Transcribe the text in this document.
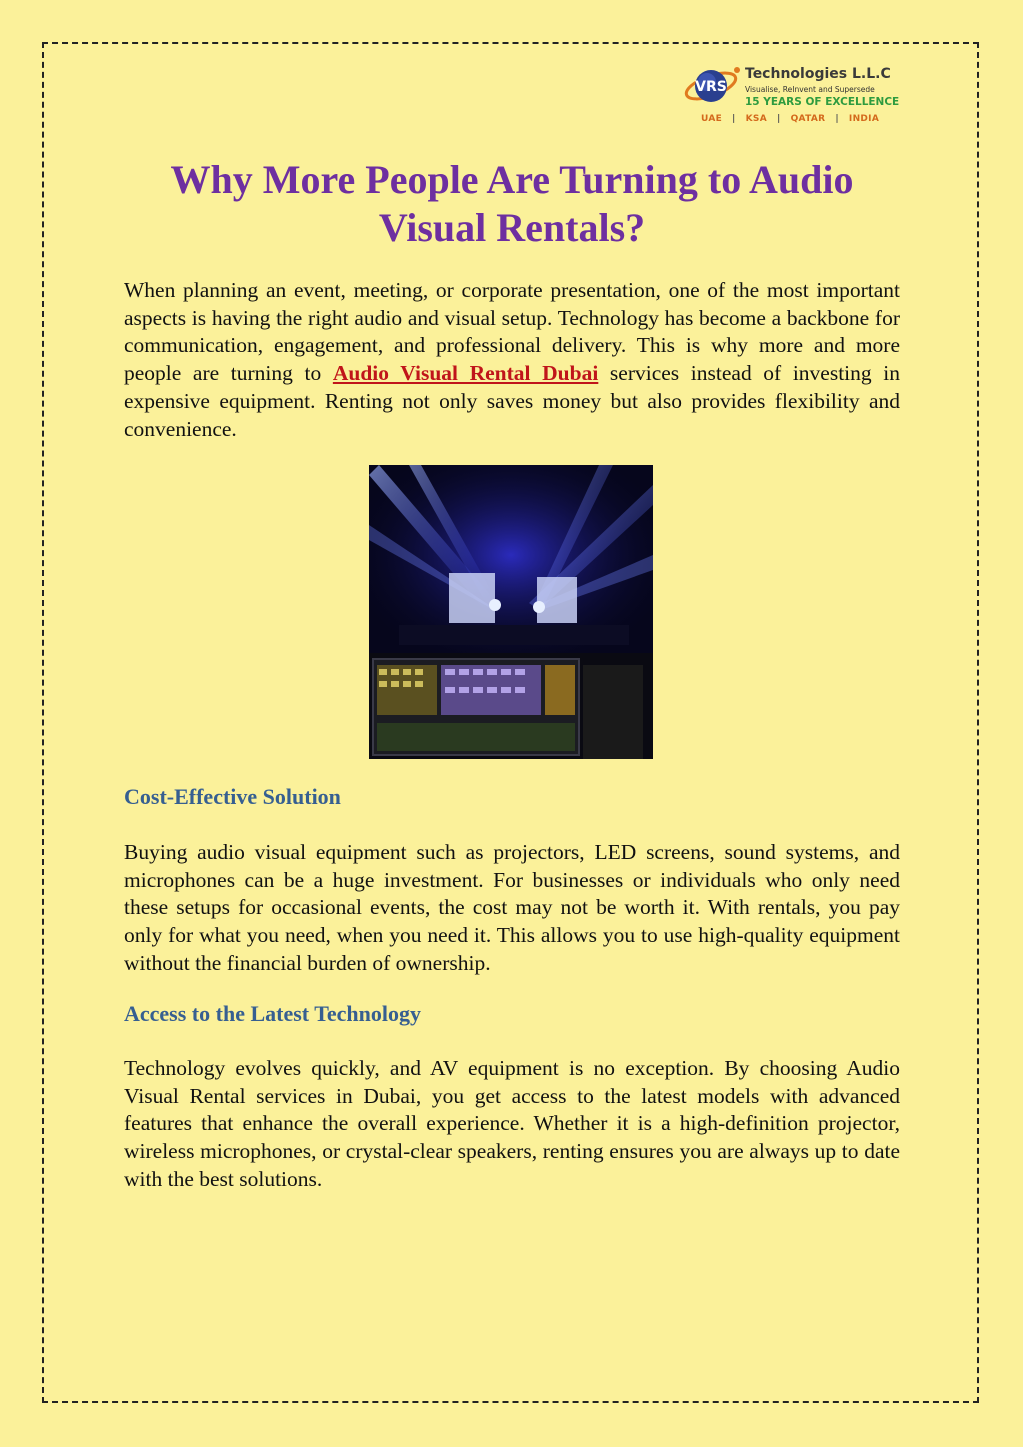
VRS
Technologies L.L.C
Visualise, ReInvent and Supersede
15 YEARS OF EXCELLENCE
UAE | KSA | QATAR | INDIA
Why More People Are Turning to Audio Visual Rentals?

When planning an event, meeting, or corporate presentation, one of the most important aspects is having the right audio and visual setup. Technology has become a backbone for communication, engagement, and professional delivery. This is why more and more people are turning to Audio Visual Rental Dubai services instead of investing in expensive equipment. Renting not only saves money but also provides flexibility and convenience.

Cost-Effective Solution

Buying audio visual equipment such as projectors, LED screens, sound systems, and microphones can be a huge investment. For businesses or individuals who only need these setups for occasional events, the cost may not be worth it. With rentals, you pay only for what you need, when you need it. This allows you to use high-quality equipment without the financial burden of ownership.

Access to the Latest Technology

Technology evolves quickly, and AV equipment is no exception. By choosing Audio Visual Rental services in Dubai, you get access to the latest models with advanced features that enhance the overall experience. Whether it is a high-definition projector, wireless microphones, or crystal-clear speakers, renting ensures you are always up to date with the best solutions.
